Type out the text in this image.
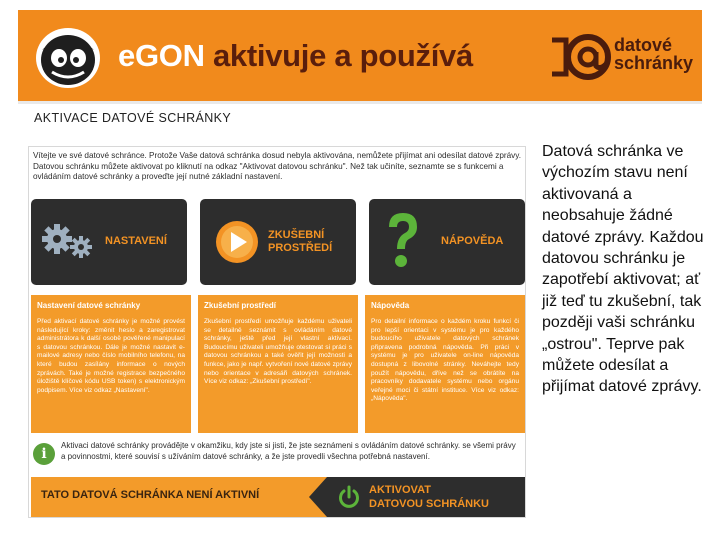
eGON aktivuje a používá	datové
schránky
AKTIVACE DATOVÉ SCHRÁNKY
Vítejte ve své datové schránce. Protože Vaše datová schránka dosud nebyla aktivována, nemůžete přijímat ani odesílat datové zprávy. Datovou schránku můžete aktivovat po kliknutí na odkaz "Aktivovat datovou schránku". Než tak učiníte, seznamte se s funkcemi a ovládáním datové schránky a proveďte její nutné základní nastavení.
NASTAVENÍ	ZKUŠEBNÍ
PROSTŘEDÍ
NÁPOVĚDA
Nastavení datové schránky
Před aktivací datové schránky je možné provést následující kroky: změnit heslo a zaregistrovat administrátora k další osobě pověřené manipulací s datovou schránkou. Dále je možné nastavit e-mailové adresy nebo číslo mobilního telefonu, na které budou zasílány informace o nových zprávách. Také je možné registrace bezpečného úložiště klíčové kódu USB token) s elektronickým podpisem. Více viz odkaz „Nastavení".
Zkušební prostředí
Zkušební prostředí umožňuje každému uživateli se detailně seznámit s ovládáním datové schránky, ještě před její vlastní aktivací. Budoucímu uživateli umožňuje otestovat si práci s datovou schránkou a také ověřit její možnosti a funkce, jako je např. vytvoření nové datové zprávy nebo orientace v adresáři datových schránek. Více viz odkaz: „Zkušební prostředí".
Nápověda
Pro detailní informace o každém kroku funkcí či pro lepší orientaci v systému je pro každého budoucího uživatele datových schránek připravena podrobná nápověda. Při práci v systému je pro uživatele on-line nápověda dostupná z libovolné stránky. Neváhejte tedy použít nápovědu, dříve než se obrátíte na pracovníky dodavatele systému nebo orgánu veřejné moci či státní instituce. Více viz odkaz: „Nápověda".
i
Aktivaci datové schránky provádějte v okamžiku, kdy jste si jisti, že jste seznámeni s ovládáním datové schránky. se všemi právy a povinnostmi, které souvisí s užíváním datové schránky, a že jste provedli všechna potřebná nastavení.
TATO DATOVÁ SCHRÁNKA NENÍ AKTIVNÍ	AKTIVOVAT
DATOVOU SCHRÁNKU
Datová schránka ve výchozím stavu není aktivovaná a neobsahuje žádné datové zprávy. Každou datovou schránku je zapotřebí aktivovat; ať již teď tu zkušební, tak později vaši schránku „ostrou". Teprve pak můžete odesílat a přijímat datové zprávy.
